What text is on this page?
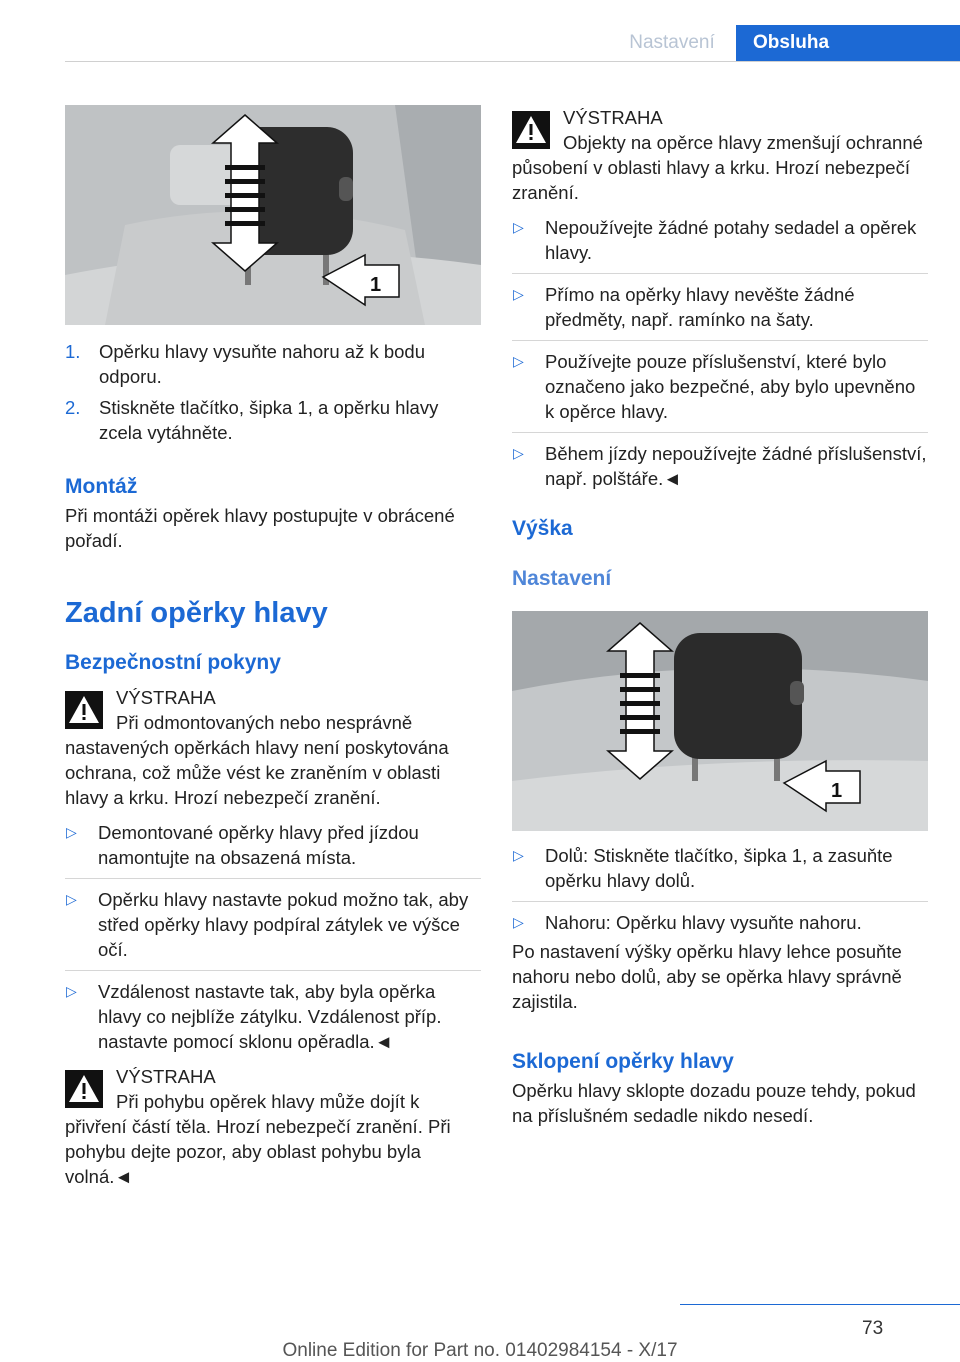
Nastavení	Obsluha
1
1.	Opěrku hlavy vysuňte nahoru až k bodu odporu.
2.	Stiskněte tlačítko, šipka 1, a opěrku hlavy zcela vytáhněte.
Montáž
Při montáži opěrek hlavy postupujte v obrácené pořadí.
Zadní opěrky hlavy
Bezpečnostní pokyny
VÝSTRAHA
Při odmontovaných nebo nesprávně nastavených opěrkách hlavy není poskytována ochrana, což může vést ke zraněním v oblasti hlavy a krku. Hrozí nebezpečí zranění.
▷	Demontované opěrky hlavy před jízdou namontujte na obsazená místa.
▷	Opěrku hlavy nastavte pokud možno tak, aby střed opěrky hlavy podpíral zátylek ve výšce očí.
▷	Vzdálenost nastavte tak, aby byla opěrka hlavy co nejblíže zátylku. Vzdálenost příp. nastavte pomocí sklonu opěradla.◄
VÝSTRAHA
Při pohybu opěrek hlavy může dojít k přivření částí těla. Hrozí nebezpečí zranění. Při pohybu dejte pozor, aby oblast pohybu byla volná.◄
VÝSTRAHA
Objekty na opěrce hlavy zmenšují ochranné působení v oblasti hlavy a krku. Hrozí nebezpečí zranění.
▷	Nepoužívejte žádné potahy sedadel a opěrek hlavy.
▷	Přímo na opěrky hlavy nevěšte žádné předměty, např. ramínko na šaty.
▷	Používejte pouze příslušenství, které bylo označeno jako bezpečné, aby bylo upevněno k opěrce hlavy.
▷	Během jízdy nepoužívejte žádné příslušenství, např. polštáře.◄
Výška
Nastavení
1
▷	Dolů: Stiskněte tlačítko, šipka 1, a zasuňte opěrku hlavy dolů.
▷	Nahoru: Opěrku hlavy vysuňte nahoru.
Po nastavení výšky opěrku hlavy lehce posuňte nahoru nebo dolů, aby se opěrka hlavy správně zajistila.
Sklopení opěrky hlavy
Opěrku hlavy sklopte dozadu pouze tehdy, pokud na příslušném sedadle nikdo nesedí.
73
Online Edition for Part no. 01402984154 - X/17
